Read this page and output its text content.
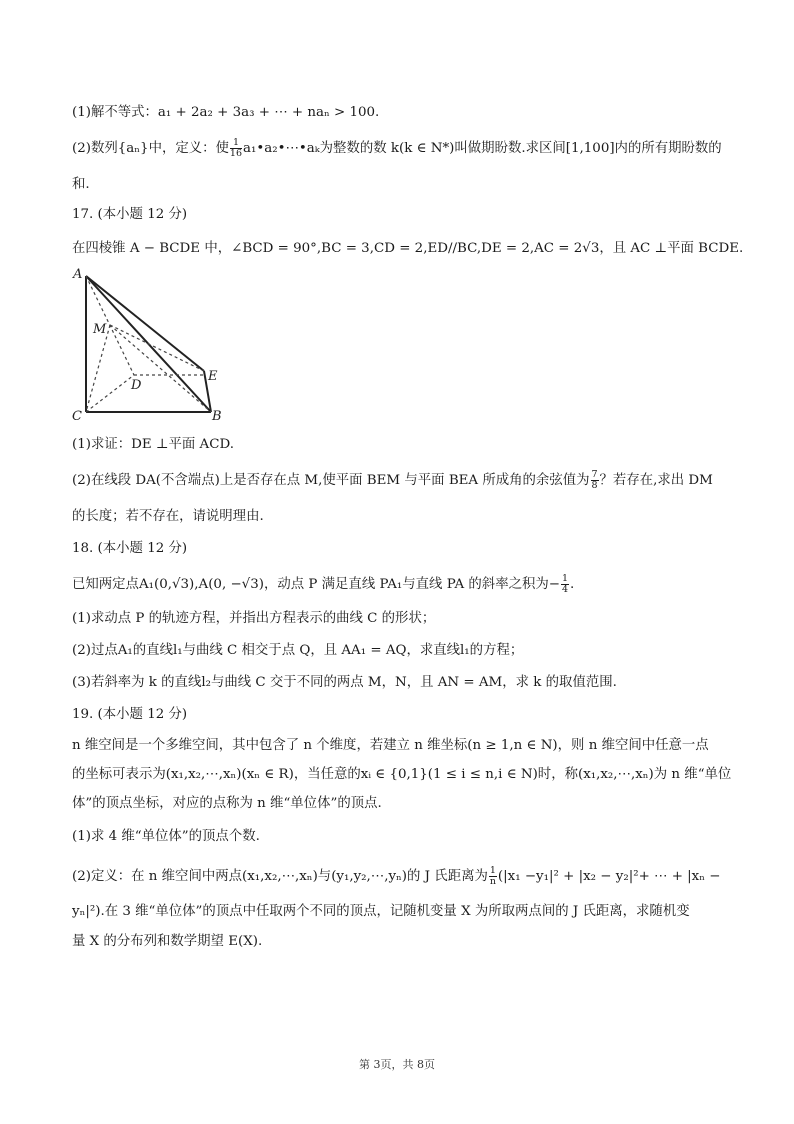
(1)解不等式：a₁ + 2a₂ + 3a₃ + ⋯ + naₙ > 100.
(2)数列{aₙ}中，定义：使 $\frac{1}{16}$ a₁•a₂•⋯•aₖ为整数的数 k(k ∈ N*)叫做期盼数.求区间[1,100]内的所有期盼数的
和.
17. (本小题 12 分)
在四棱锥 A − BCDE 中，∠BCD = 90°,BC = 3,CD = 2,ED//BC,DE = 2,AC = 2√3，且 AC ⊥平面 BCDE.
A
M
D
E
C	B
(1)求证：DE ⊥平面 ACD.
(2)在线段 DA(不含端点)上是否存在点 M,使平面 BEM 与平面 BEA 所成角的余弦值为 $\frac{7}{8}$ ？若存在,求出 DM
的长度；若不存在，请说明理由.
18. (本小题 12 分)
已知两定点A₁(0,√3),A(0, −√3)，动点 P 满足直线 PA₁与直线 PA 的斜率之积为− $\frac{1}{4}$ .
(1)求动点 P 的轨迹方程，并指出方程表示的曲线 C 的形状；
(2)过点A₁的直线l₁与曲线 C 相交于点 Q，且 AA₁ = AQ，求直线l₁的方程；
(3)若斜率为 k 的直线l₂与曲线 C 交于不同的两点 M，N，且 AN = AM，求 k 的取值范围.
19. (本小题 12 分)
n 维空间是一个多维空间，其中包含了 n 个维度，若建立 n 维坐标(n ≥ 1,n ∈ N)，则 n 维空间中任意一点
的坐标可表示为(x₁,x₂,⋯,xₙ)(xₙ ∈ R)，当任意的xᵢ ∈ {0,1}(1 ≤ i ≤ n,i ∈ N)时，称(x₁,x₂,⋯,xₙ)为 n 维“单位
体”的顶点坐标，对应的点称为 n 维“单位体”的顶点.
(1)求 4 维“单位体”的顶点个数.
(2)定义：在 n 维空间中两点(x₁,x₂,⋯,xₙ)与(y₁,y₂,⋯,yₙ)的 J 氏距离为 $\frac{1}{n} (|x_1 -y_1|^2 + |x_2 - y_2|^2+$ ⋯ + |xₙ −
yₙ|²).在 3 维“单位体”的顶点中任取两个不同的顶点，记随机变量 X 为所取两点间的 J 氏距离，求随机变
量 X 的分布列和数学期望 E(X).
第 3页，共 8页
